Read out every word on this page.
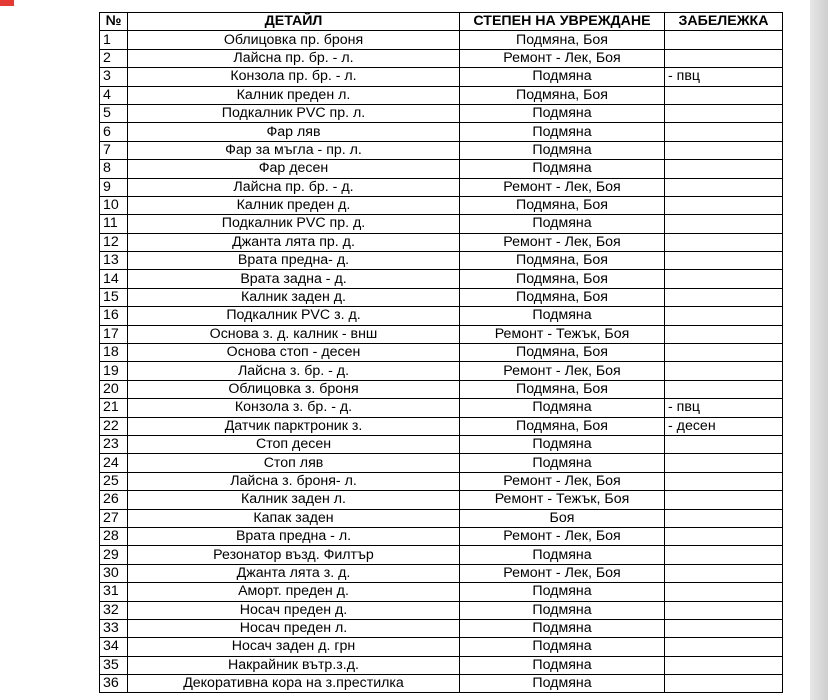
№	ДЕТАЙЛ	СТЕПЕН НА УВРЕЖДАНЕ	ЗАБЕЛЕЖКА
1	Облицовка пр. броня	Подмяна, Боя	
2	Лайсна пр. бр. - л.	Ремонт - Лек, Боя	
3	Конзола пр. бр. - л.	Подмяна	- пвц
4	Калник преден л.	Подмяна, Боя	
5	Подкалник PVC пр. л.	Подмяна	
6	Фар ляв	Подмяна	
7	Фар за мъгла - пр. л.	Подмяна	
8	Фар десен	Подмяна	
9	Лайсна пр. бр. - д.	Ремонт - Лек, Боя	
10	Калник преден д.	Подмяна, Боя	
11	Подкалник PVC пр. д.	Подмяна	
12	Джанта лята пр. д.	Ремонт - Лек, Боя	
13	Врата предна- д.	Подмяна, Боя	
14	Врата задна - д.	Подмяна, Боя	
15	Калник заден д.	Подмяна, Боя	
16	Подкалник PVC з. д.	Подмяна	
17	Основа з. д. калник - внш	Ремонт - Тежък, Боя	
18	Основа стоп - десен	Подмяна, Боя	
19	Лайсна з. бр. - д.	Ремонт - Лек, Боя	
20	Облицовка з. броня	Подмяна, Боя	
21	Конзола з. бр. - д.	Подмяна	- пвц
22	Датчик парктроник з.	Подмяна, Боя	- десен
23	Стоп десен	Подмяна	
24	Стоп ляв	Подмяна	
25	Лайсна з. броня- л.	Ремонт - Лек, Боя	
26	Калник заден л.	Ремонт - Тежък, Боя	
27	Капак заден	Боя	
28	Врата предна - л.	Ремонт - Лек, Боя	
29	Резонатор възд. Филтър	Подмяна	
30	Джанта лята з. д.	Ремонт - Лек, Боя	
31	Аморт. преден д.	Подмяна	
32	Носач преден д.	Подмяна	
33	Носач преден л.	Подмяна	
34	Носач заден д. грн	Подмяна	
35	Накрайник вътр.з.д.	Подмяна	
36	Декоративна кора на з.престилка	Подмяна	
